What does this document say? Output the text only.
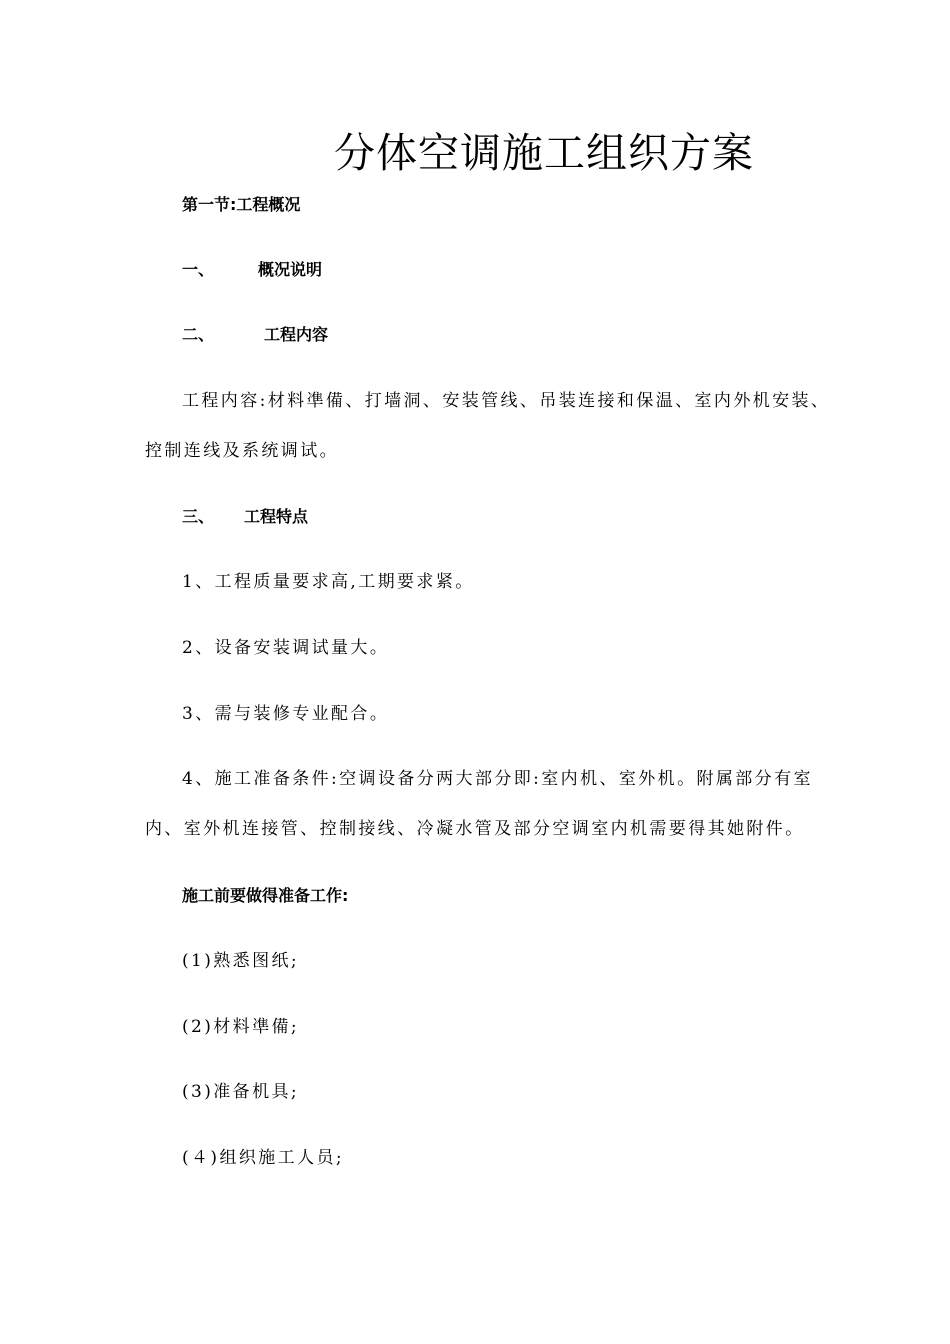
分体空调施工组织方案
第一节:工程概况
一、	概况说明
二、	工程内容
工程内容:材料凖備、打墙洞、安装管线、吊装连接和保温、室内外机安装、
控制连线及系统调试。
三、 工程特点
1、工程质量要求高,工期要求紧。
2、设备安装调试量大。
3、需与装修专业配合。
4、施工准备条件:空调设备分两大部分即:室内机、室外机。附属部分有室
内、室外机连接管、控制接线、冷凝水管及部分空调室内机需要得其她附件。
施工前要做得准备工作:
(1)熟悉图纸;
(2)材料凖備;
(3)准备机具;
(４)组织施工人员;
